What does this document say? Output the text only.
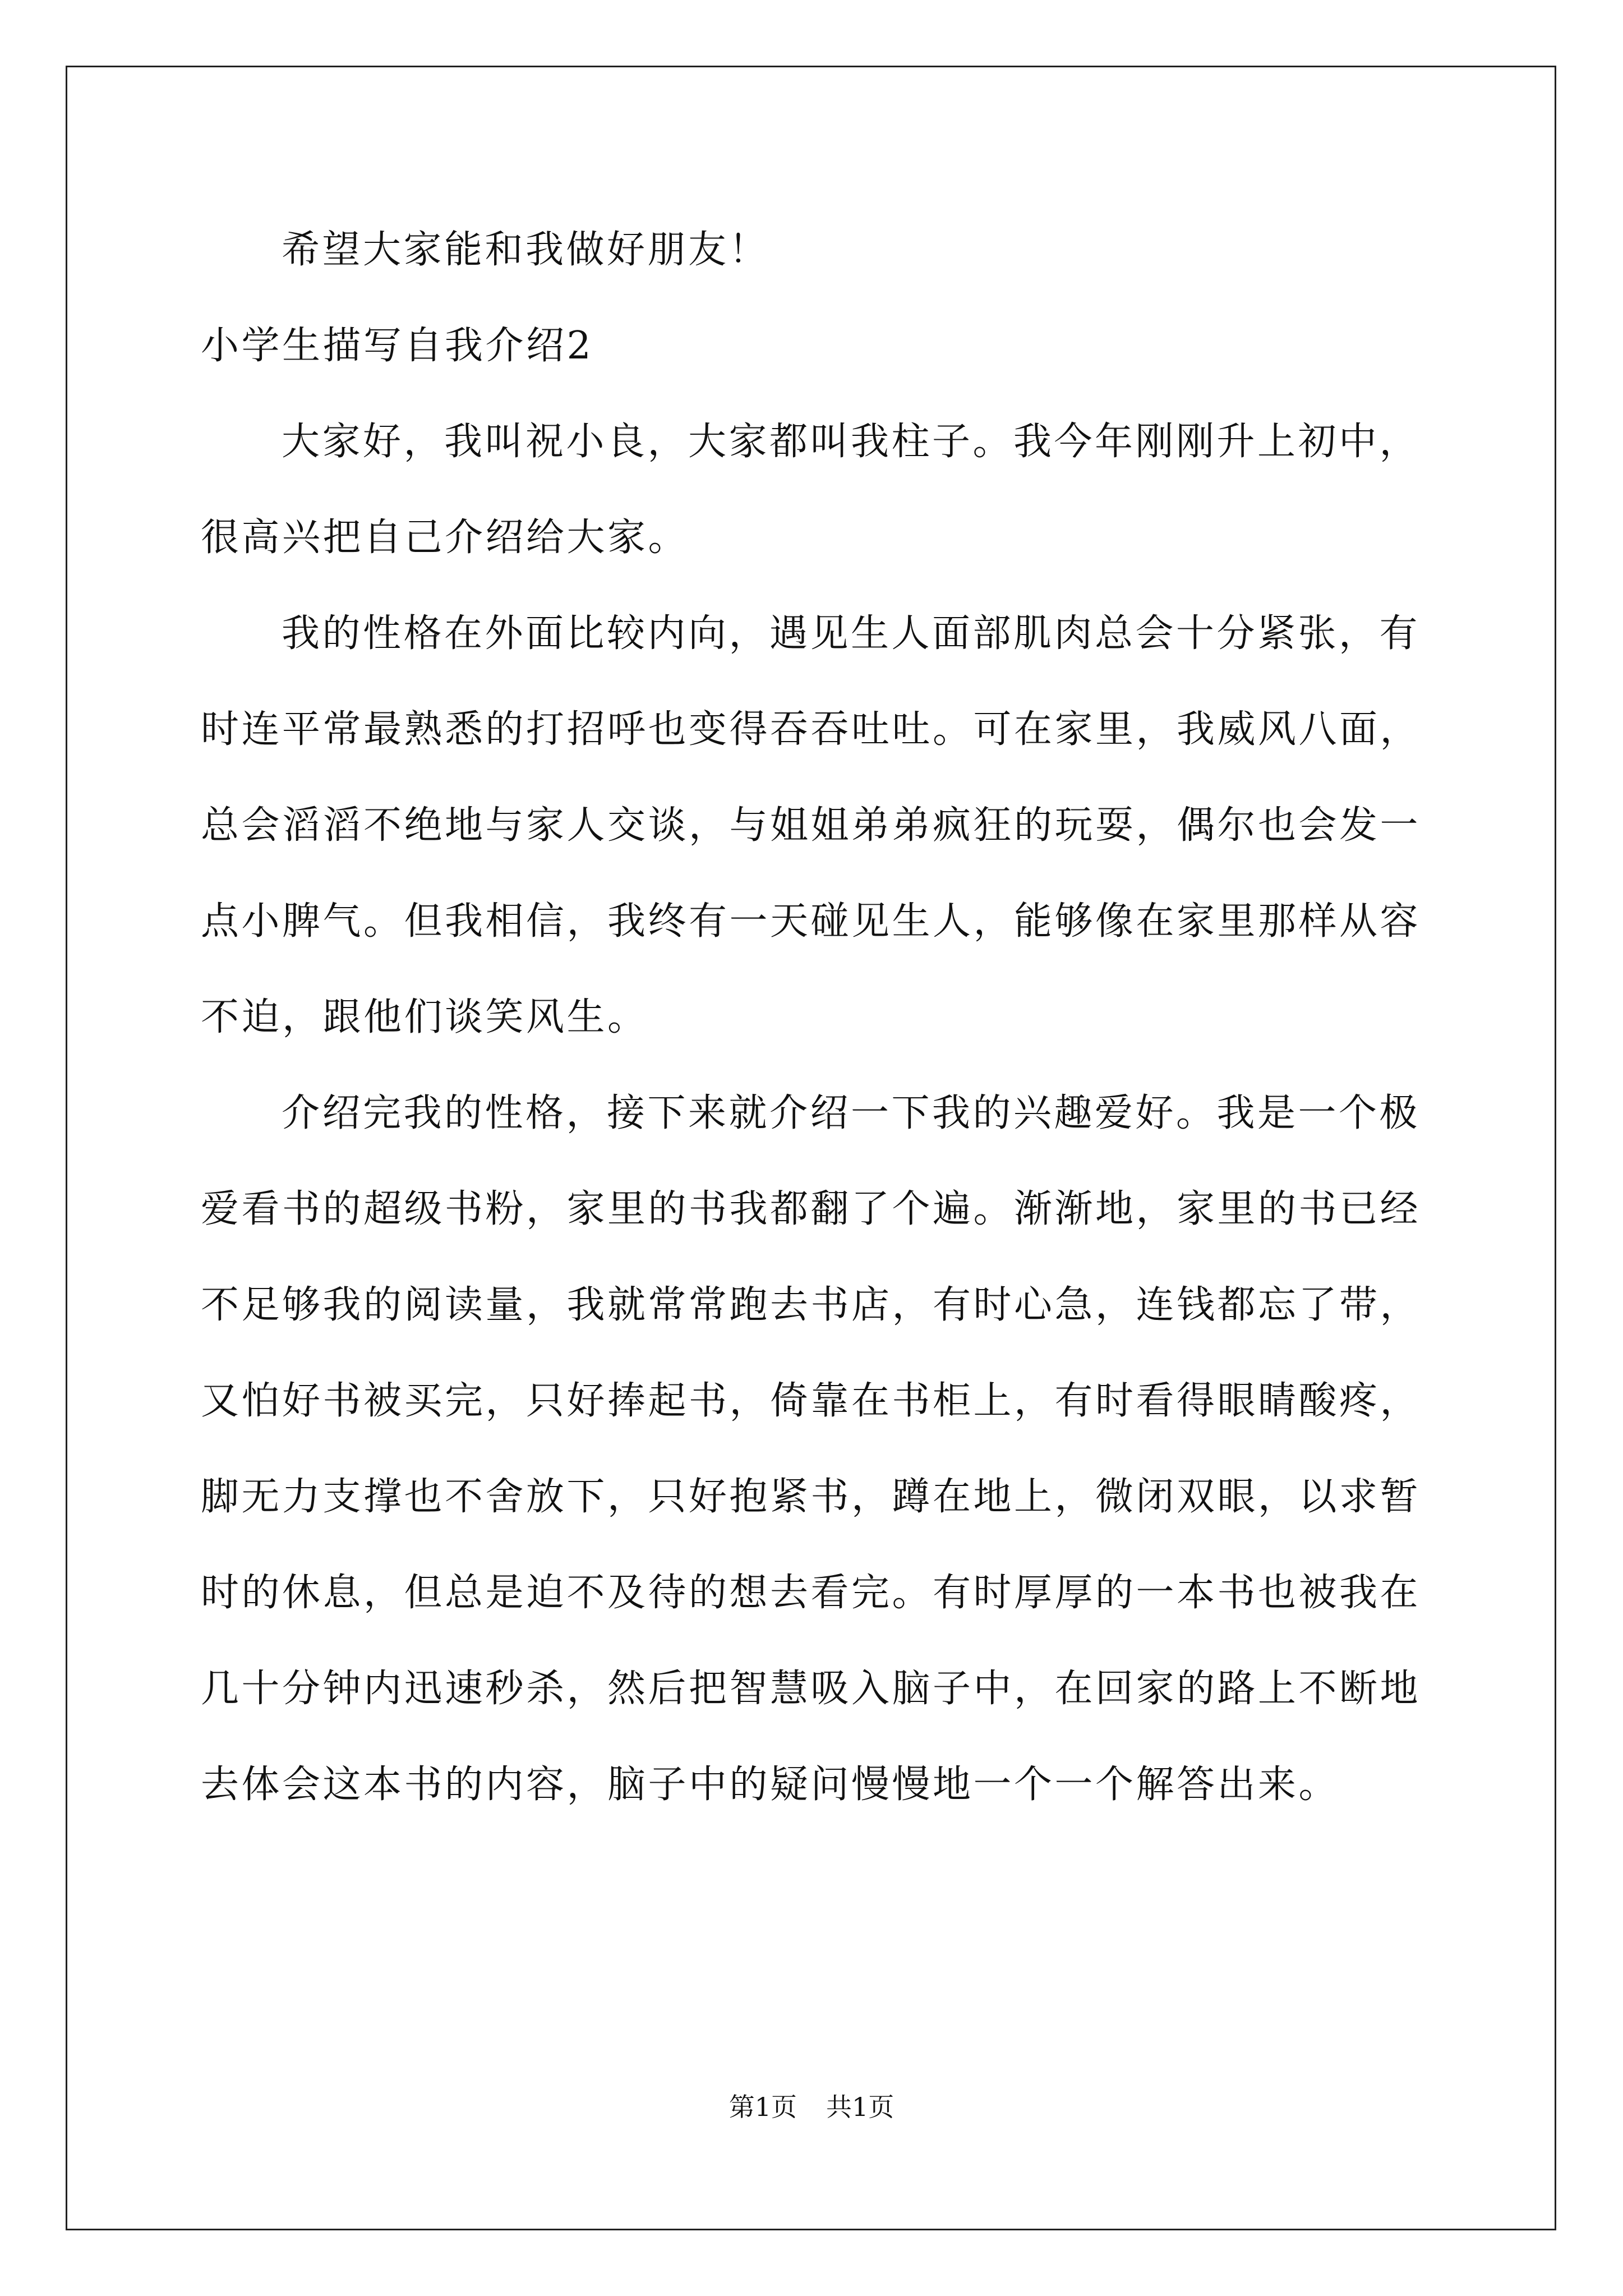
希望大家能和我做好朋友！

小学生描写自我介绍2

大家好，我叫祝小良，大家都叫我柱子。我今年刚刚升上初中，很高兴把自己介绍给大家。

我的性格在外面比较内向，遇见生人面部肌肉总会十分紧张，有时连平常最熟悉的打招呼也变得吞吞吐吐。可在家里，我威风八面，总会滔滔不绝地与家人交谈，与姐姐弟弟疯狂的玩耍，偶尔也会发一点小脾气。但我相信，我终有一天碰见生人，能够像在家里那样从容不迫，跟他们谈笑风生。

介绍完我的性格，接下来就介绍一下我的兴趣爱好。我是一个极爱看书的超级书粉，家里的书我都翻了个遍。渐渐地，家里的书已经不足够我的阅读量，我就常常跑去书店，有时心急，连钱都忘了带，又怕好书被买完，只好捧起书，倚靠在书柜上，有时看得眼睛酸疼，脚无力支撑也不舍放下，只好抱紧书，蹲在地上，微闭双眼，以求暂时的休息，但总是迫不及待的想去看完。有时厚厚的一本书也被我在几十分钟内迅速秒杀，然后把智慧吸入脑子中，在回家的路上不断地去体会这本书的内容，脑子中的疑问慢慢地一个一个解答出来。

第1页 共1页
